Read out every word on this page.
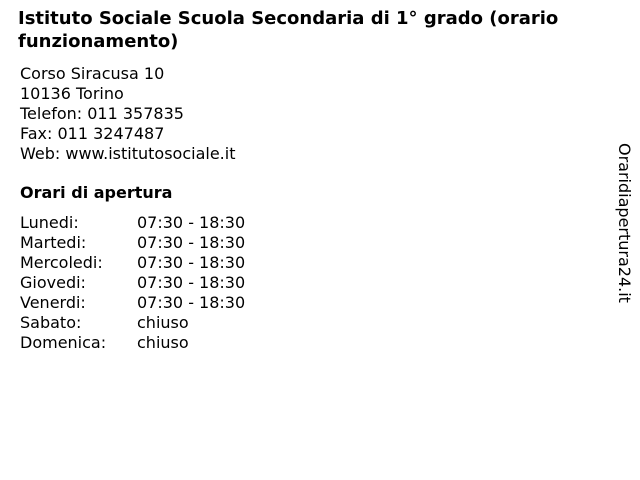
Istituto Sociale Scuola Secondaria di 1° grado (orario funzionamento)
Corso Siracusa 10
10136 Torino
Telefon: 011 357835
Fax: 011 3247487
Web: www.istitutosociale.it
Orari di apertura
Lunedi:	07:30 - 18:30
Martedi:	07:30 - 18:30
Mercoledi: 07:30 - 18:30
Giovedi:	07:30 - 18:30
Venerdi:	07:30 - 18:30
Sabato:	chiuso
Domenica: chiuso
Oraridiapertura24.it
